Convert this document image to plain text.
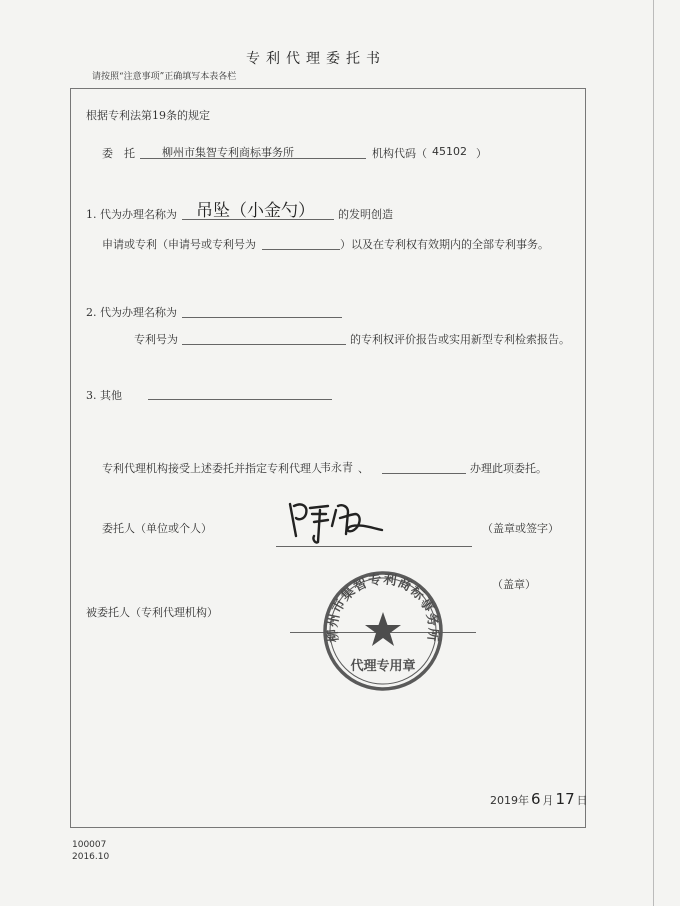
专利代理委托书
请按照“注意事项”正确填写本表各栏
根据专利法第19条的规定
委　托 柳州市集智专利商标事务所	机构代码（ 45102 ）
1. 代为办理名称为 吊坠（小金勺） 的发明创造
申请或专利（申请号或专利号为	）以及在专利权有效期内的全部专利事务。
2. 代为办理名称为
专利号为	的专利权评价报告或实用新型专利检索报告。
3. 其他
专利代理机构接受上述委托并指定专利代理人
韦永青 、	办理此项委托。
委托人（单位或个人）	（盖章或签字）
（盖章）
被委托人（专利代理机构）
柳州市集智专利商标事务所
代理专用章
2019年 6 月 17 日
100007
2016.10
